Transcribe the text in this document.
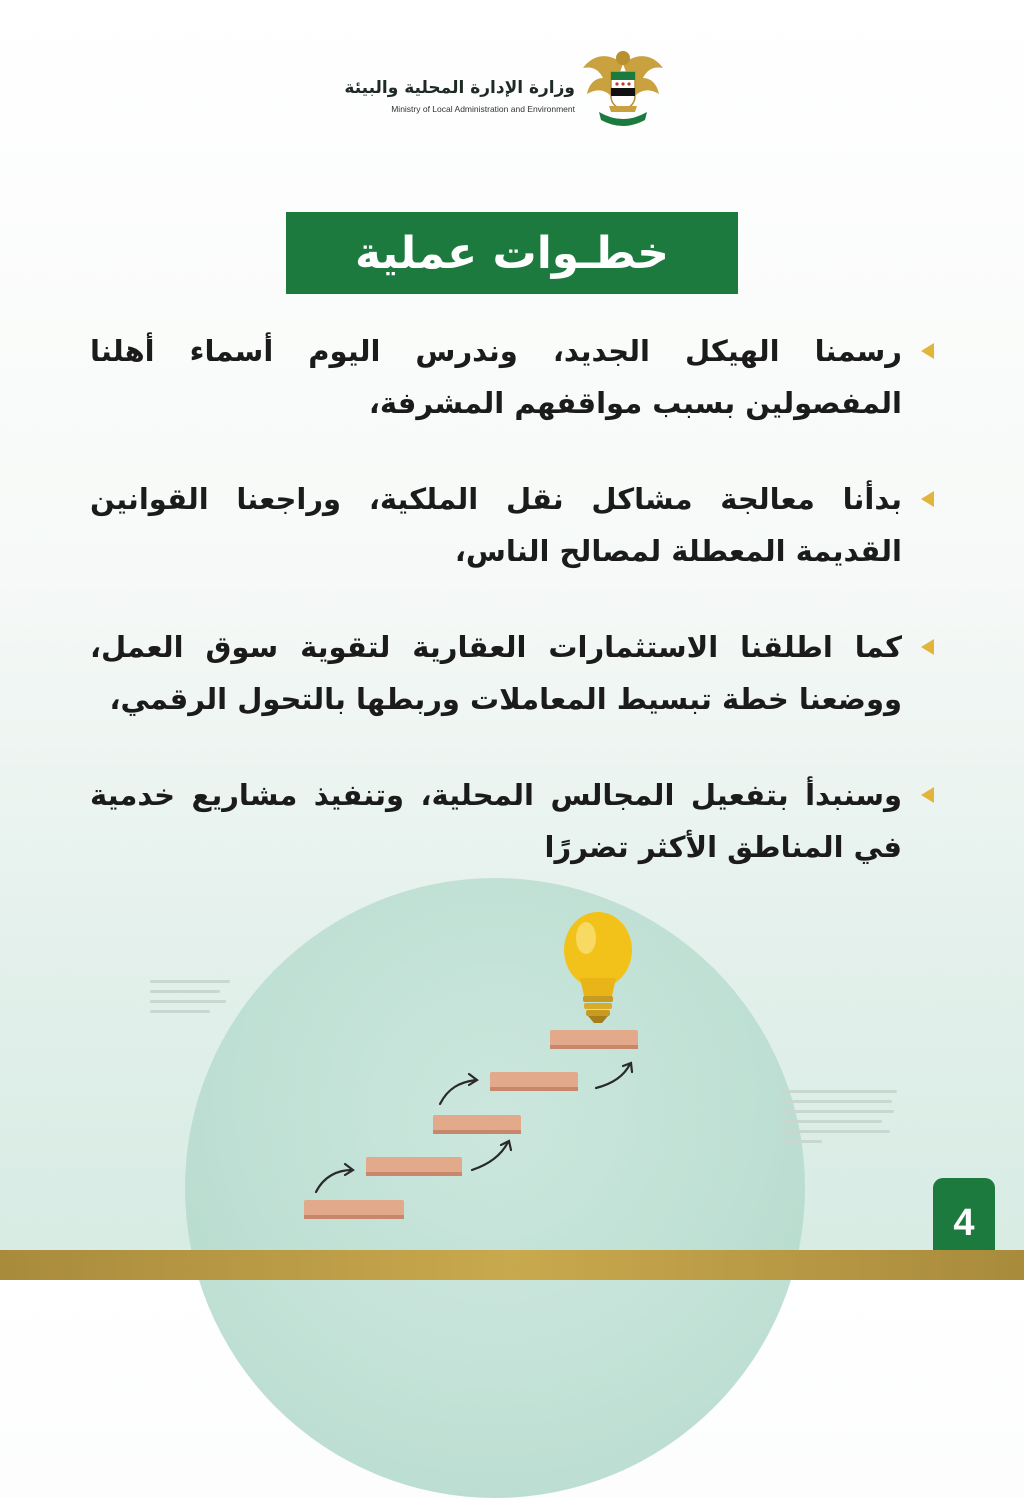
وزارة الإدارة المحلية والبيئة
Ministry of Local Administration and Environment
خطـوات عملية
رسمنا الهيكل الجديد، وندرس اليوم أسماء أهلنا المفصولين بسبب مواقفهم المشرفة،
بدأنا معالجة مشاكل نقل الملكية، وراجعنا القوانين القديمة المعطلة لمصالح الناس،
كما اطلقنا الاستثمارات العقارية لتقوية سوق العمل، ووضعنا خطة تبسيط المعاملات وربطها بالتحول الرقمي،
وسنبدأ بتفعيل المجالس المحلية، وتنفيذ مشاريع خدمية في المناطق الأكثر تضررًا
4
